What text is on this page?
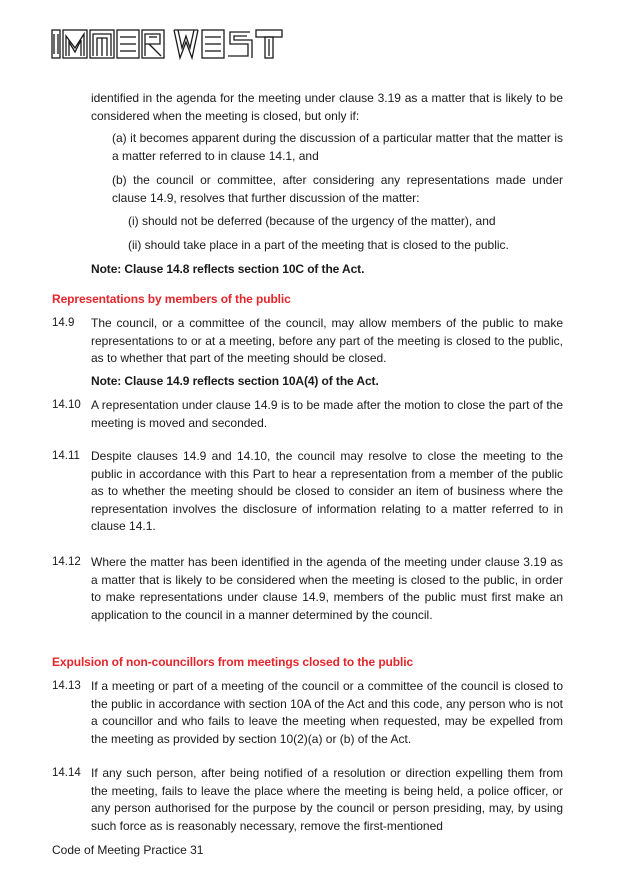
identified in the agenda for the meeting under clause 3.19 as a matter that is likely to be considered when the meeting is closed, but only if:

(a) it becomes apparent during the discussion of a particular matter that the matter is a matter referred to in clause 14.1, and

(b) the council or committee, after considering any representations made under clause 14.9, resolves that further discussion of the matter:

(i) should not be deferred (because of the urgency of the matter), and

(ii) should take place in a part of the meeting that is closed to the public.

Note: Clause 14.8 reflects section 10C of the Act.
Representations by members of the public
14.9 The council, or a committee of the council, may allow members of the public to make representations to or at a meeting, before any part of the meeting is closed to the public, as to whether that part of the meeting should be closed.

Note: Clause 14.9 reflects section 10A(4) of the Act.
14.10 A representation under clause 14.9 is to be made after the motion to close the part of the meeting is moved and seconded.

14.11 Despite clauses 14.9 and 14.10, the council may resolve to close the meeting to the public in accordance with this Part to hear a representation from a member of the public as to whether the meeting should be closed to consider an item of business where the representation involves the disclosure of information relating to a matter referred to in clause 14.1.

14.12 Where the matter has been identified in the agenda of the meeting under clause 3.19 as a matter that is likely to be considered when the meeting is closed to the public, in order to make representations under clause 14.9, members of the public must first make an application to the council in a manner determined by the council.

Expulsion of non-councillors from meetings closed to the public
14.13 If a meeting or part of a meeting of the council or a committee of the council is closed to the public in accordance with section 10A of the Act and this code, any person who is not a councillor and who fails to leave the meeting when requested, may be expelled from the meeting as provided by section 10(2)(a) or (b) of the Act.

14.14 If any such person, after being notified of a resolution or direction expelling them from the meeting, fails to leave the place where the meeting is being held, a police officer, or any person authorised for the purpose by the council or person presiding, may, by using such force as is reasonably necessary, remove the first-mentioned

Code of Meeting Practice 31
